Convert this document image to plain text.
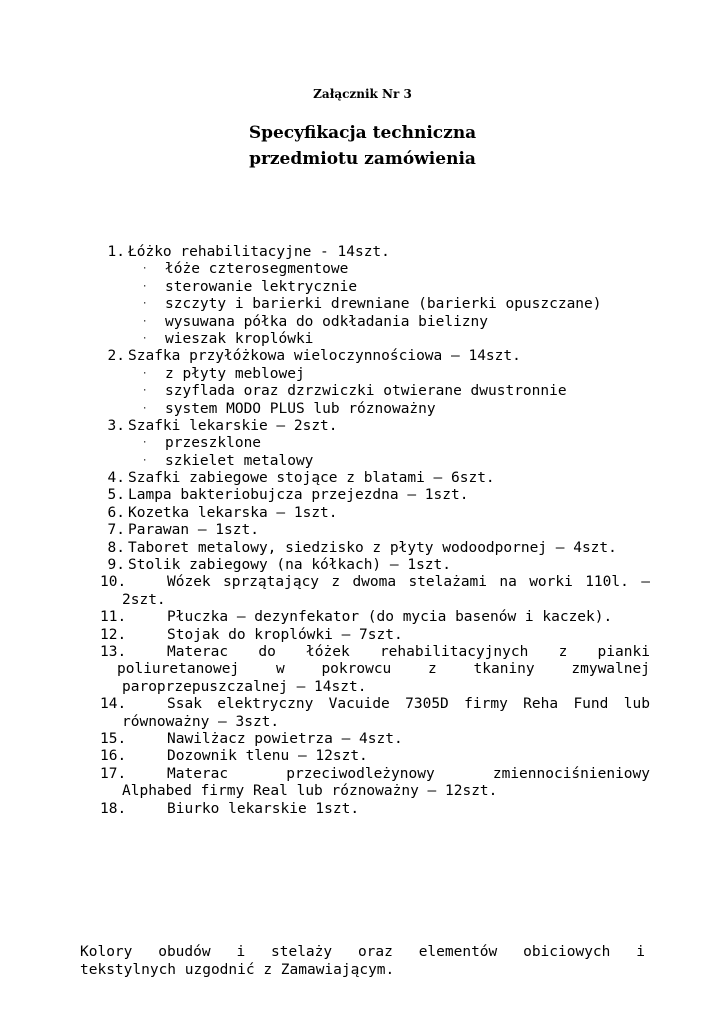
Załącznik Nr 3
Specyfikacja techniczna
przedmiotu zamówienia
1. Łóżko rehabilitacyjne - 14szt.
· łóże czterosegmentowe
· sterowanie lektrycznie
· szczyty i barierki drewniane (barierki opuszczane)
· wysuwana półka do odkładania bielizny
· wieszak kroplówki
2. Szafka przyłóżkowa wieloczynnościowa – 14szt.
· z płyty meblowej
· szyflada oraz dzrzwiczki otwierane dwustronnie
· system MODO PLUS lub róznoważny
3. Szafki lekarskie – 2szt.
· przeszklone
· szkielet metalowy
4. Szafki zabiegowe stojące z blatami – 6szt.
5. Lampa bakteriobujcza przejezdna – 1szt.
6. Kozetka lekarska – 1szt.
7. Parawan – 1szt.
8. Taboret metalowy, siedzisko z płyty wodoodpornej – 4szt.
9. Stolik zabiegowy (na kółkach) – 1szt.
10.	Wózek sprzątający z dwoma stelażami na worki 110l. –
2szt.
11.	Płuczka – dezynfekator (do mycia basenów i kaczek).
12.	Stojak do kroplówki – 7szt.
13.	Materac do łóżek rehabilitacyjnych z pianki
poliuretanowej	w	pokrowcu	z	tkaniny	zmywalnej
paroprzepuszczalnej – 14szt.
14.	Ssak elektryczny Vacuide 7305D firmy Reha Fund lub
równoważny – 3szt.
15.	Nawilżacz powietrza – 4szt.
16.	Dozownik tlenu – 12szt.
17.	Materac	przeciwodleżynowy	zmiennociśnieniowy
Alphabed firmy Real lub róznoważny – 12szt.
18.	Biurko lekarskie 1szt.
Kolory obudów i stelaży oraz elementów obiciowych i
tekstylnych uzgodnić z Zamawiającym.
